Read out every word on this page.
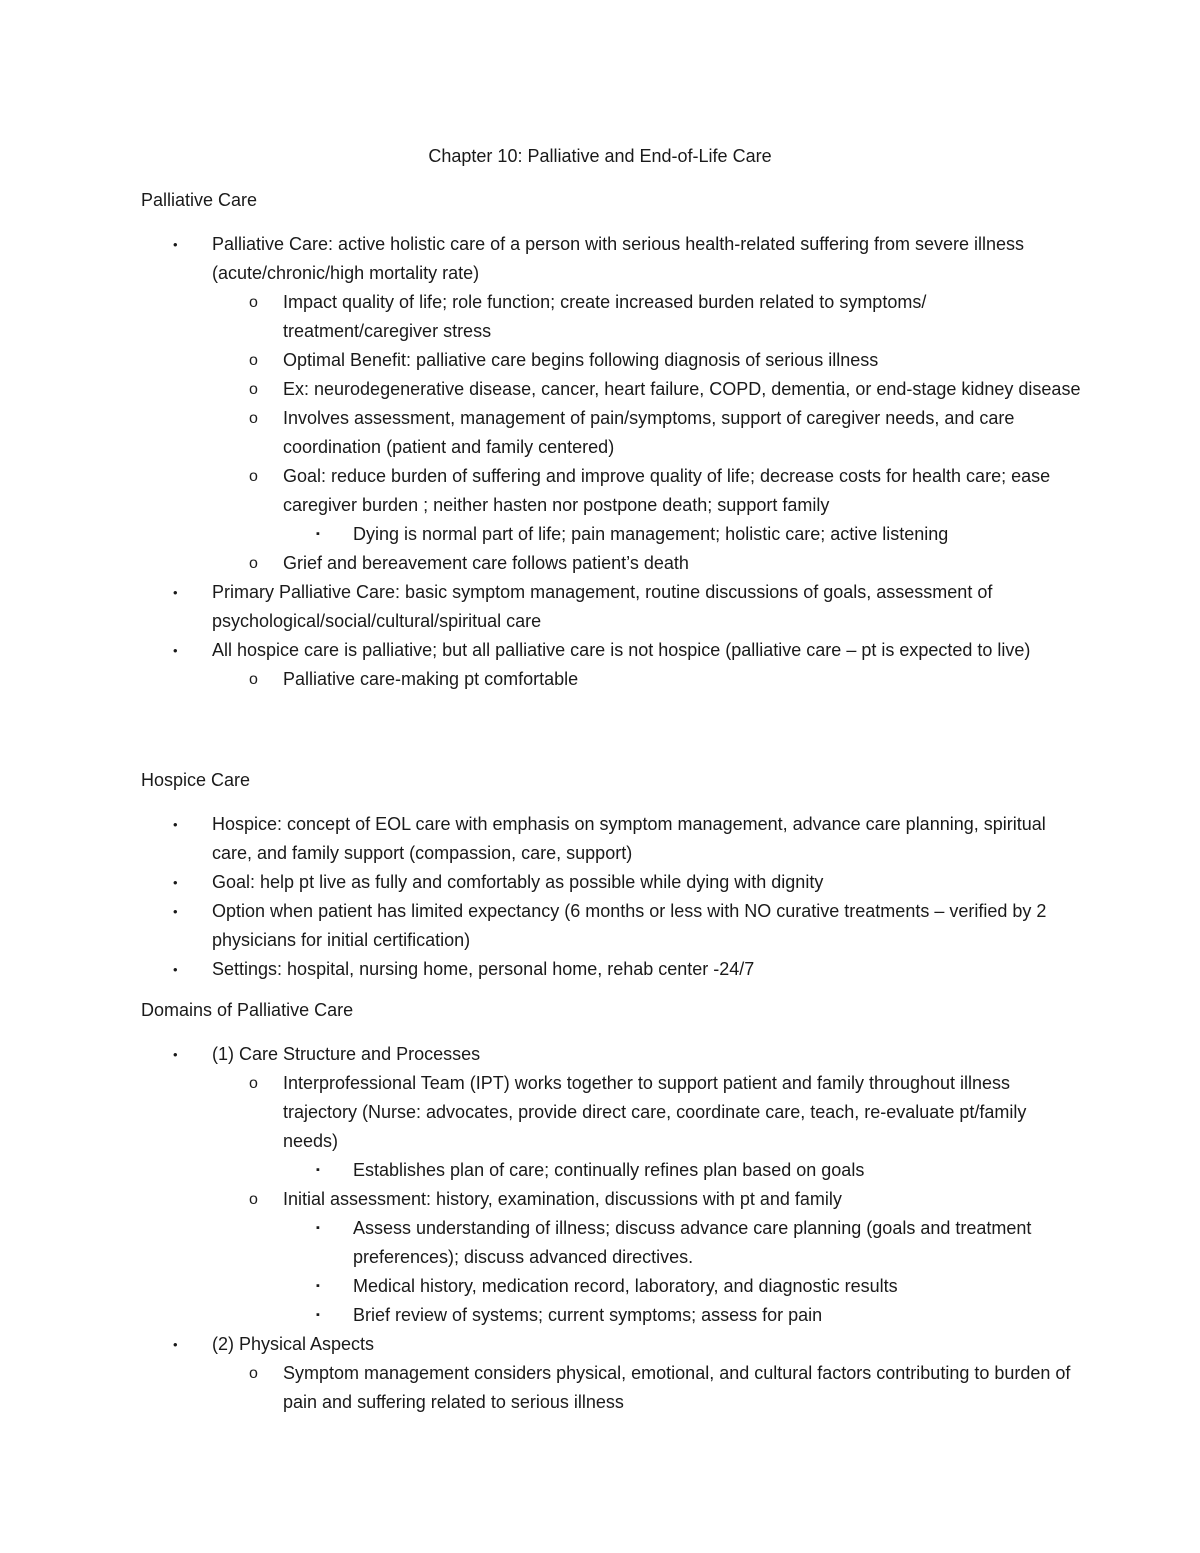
Chapter 10: Palliative and End-of-Life Care
Palliative Care
• Palliative Care: active holistic care of a person with serious health-related suffering from severe illness (acute/chronic/high mortality rate)
o Impact quality of life; role function; create increased burden related to symptoms/ treatment/caregiver stress
o Optimal Benefit: palliative care begins following diagnosis of serious illness
o Ex: neurodegenerative disease, cancer, heart failure, COPD, dementia, or end-stage kidney disease
o Involves assessment, management of pain/symptoms, support of caregiver needs, and care coordination (patient and family centered)
o Goal: reduce burden of suffering and improve quality of life; decrease costs for health care; ease caregiver burden ; neither hasten nor postpone death; support family
▪ Dying is normal part of life; pain management; holistic care; active listening
o Grief and bereavement care follows patient’s death
• Primary Palliative Care: basic symptom management, routine discussions of goals, assessment of psychological/social/cultural/spiritual care
• All hospice care is palliative; but all palliative care is not hospice (palliative care – pt is expected to live)
o Palliative care-making pt comfortable
Hospice Care
• Hospice: concept of EOL care with emphasis on symptom management, advance care planning, spiritual care, and family support (compassion, care, support)
• Goal: help pt live as fully and comfortably as possible while dying with dignity
• Option when patient has limited expectancy (6 months or less with NO curative treatments – verified by 2 physicians for initial certification)
• Settings: hospital, nursing home, personal home, rehab center -24/7
Domains of Palliative Care
• (1) Care Structure and Processes
o Interprofessional Team (IPT) works together to support patient and family throughout illness trajectory (Nurse: advocates, provide direct care, coordinate care, teach, re-evaluate pt/family needs)
▪ Establishes plan of care; continually refines plan based on goals
o Initial assessment: history, examination, discussions with pt and family
▪ Assess understanding of illness; discuss advance care planning (goals and treatment preferences); discuss advanced directives.
▪ Medical history, medication record, laboratory, and diagnostic results
▪ Brief review of systems; current symptoms; assess for pain
• (2) Physical Aspects
o Symptom management considers physical, emotional, and cultural factors contributing to burden of pain and suffering related to serious illness
